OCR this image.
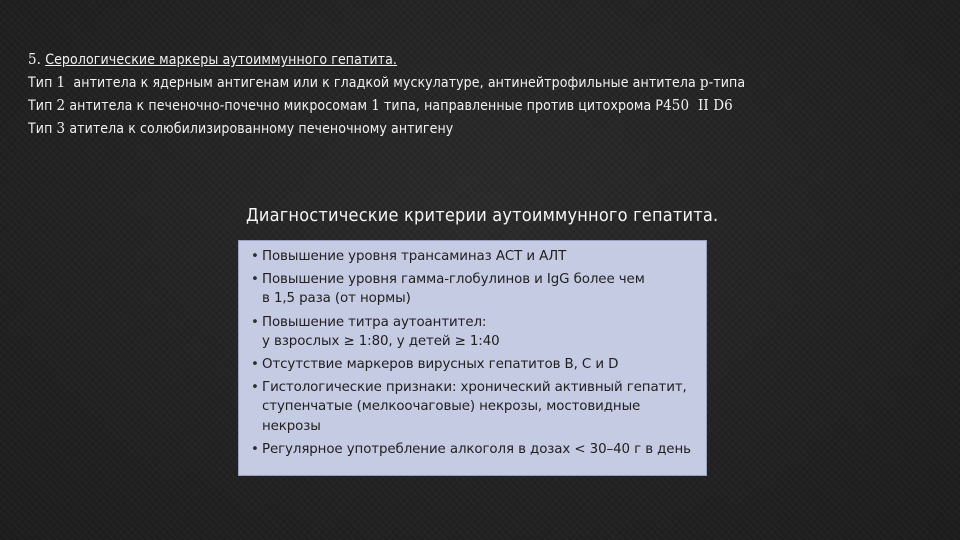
5. Серологические маркеры аутоиммунного гепатита.
Тип 1 антитела к ядерным антигенам или к гладкой мускулатуре, антинейтрофильные антитела p-типа
Тип 2 антитела к печеночно-почечно микросомам 1 типа, направленные против цитохрома Р450  II D6
Тип 3 атитела к солюбилизированному печеночному антигену
Диагностические критерии аутоиммунного гепатита.
• Повышение уровня трансаминаз АСТ и АЛТ
• Повышение уровня гамма-глобулинов и IgG более чем
в 1,5 раза (от нормы)
• Повышение титра аутоантител:
у взрослых ≥ 1:80, у детей ≥ 1:40
• Отсутствие маркеров вирусных гепатитов B, C и D
• Гистологические признаки: хронический активный гепатит,
ступенчатые (мелкоочаговые) некрозы, мостовидные
некрозы
• Регулярное употребление алкоголя в дозах < 30–40 г в день
